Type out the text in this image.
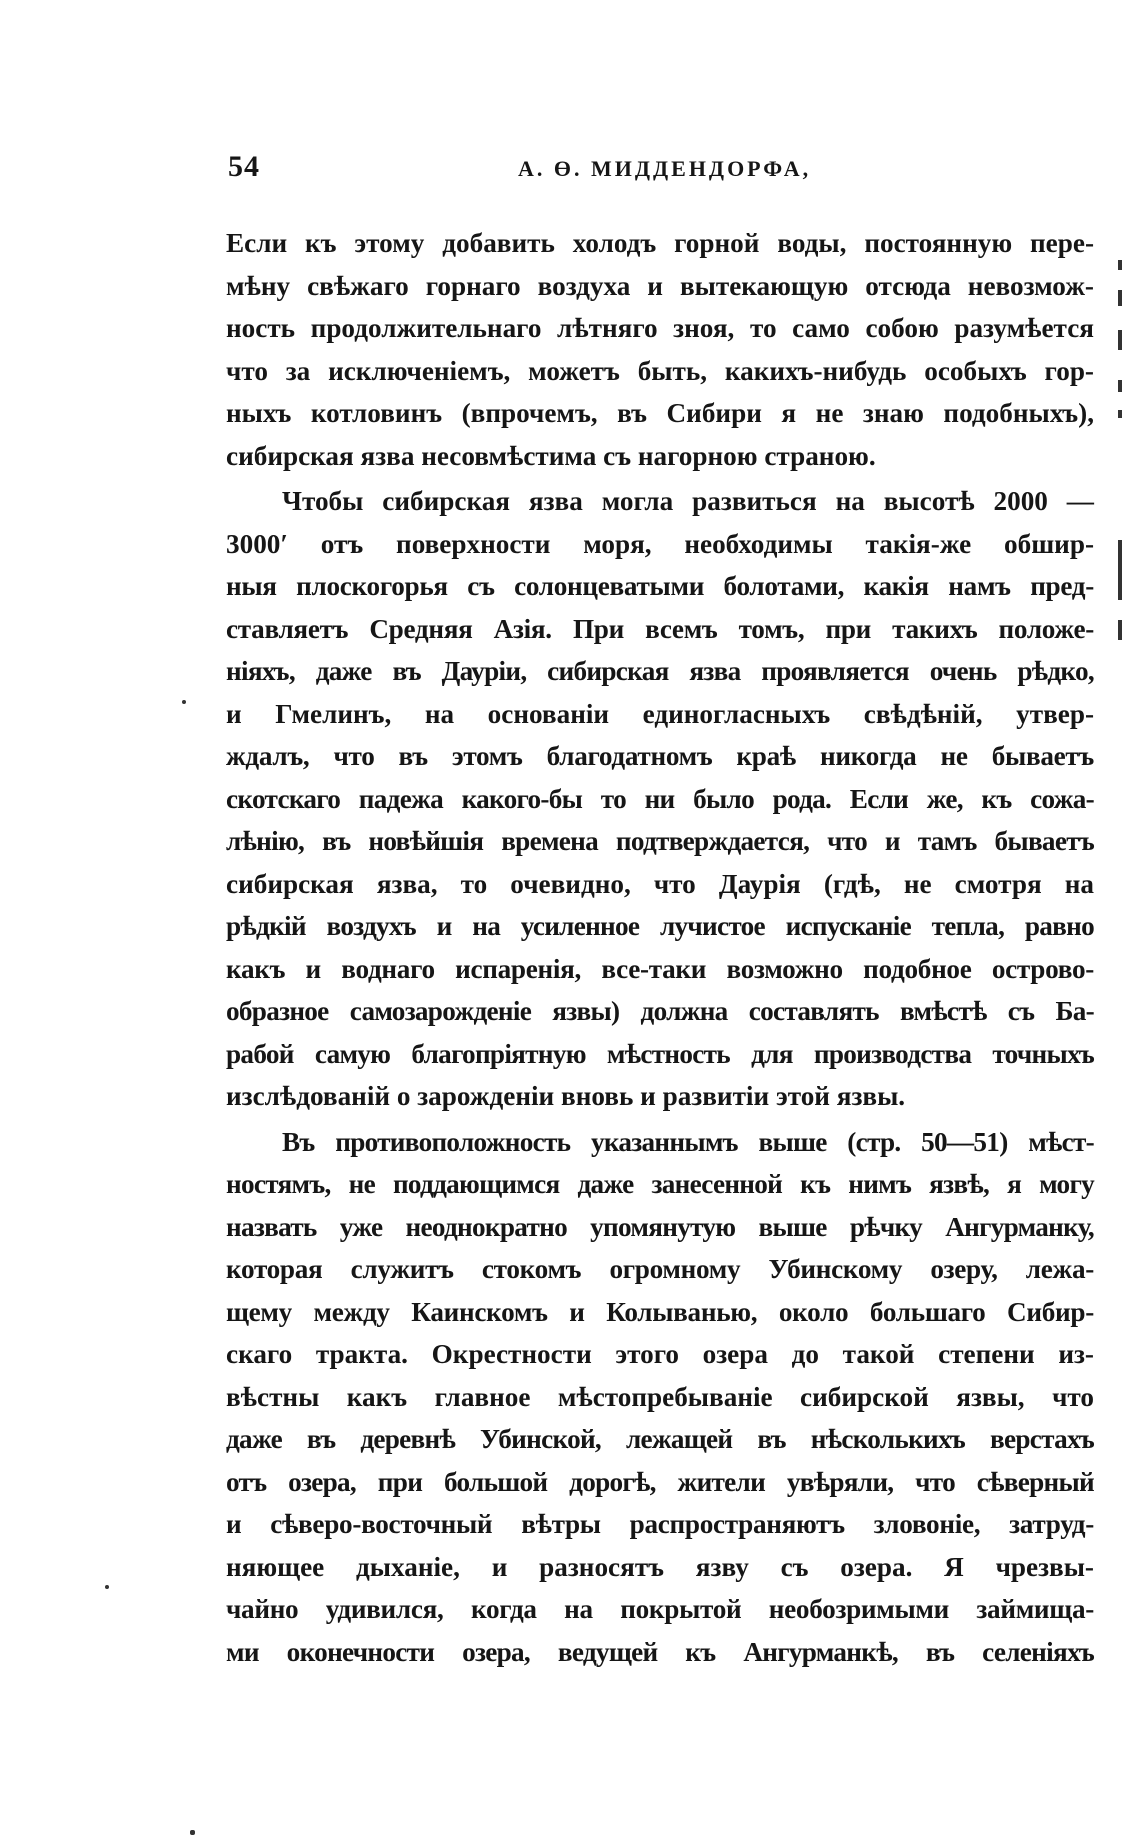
54	А. Ө. МИДДЕНДОРФА,
Если къ этому добавить холодъ горной воды, постоянную пере-
мѣну свѣжаго горнаго воздуха и вытекающую отсюда невозмож-
ность продолжительнаго лѣтняго зноя, то само собою разумѣется
что за исключеніемъ, можетъ быть, какихъ-нибудь особыхъ гор-
ныхъ котловинъ (впрочемъ, въ Сибири я не знаю подобныхъ),
сибирская язва несовмѣстима съ нагорною страною.
Чтобы сибирская язва могла развиться на высотѣ 2000 —
3000′ отъ поверхности моря, необходимы такія-же обшир-
ныя плоскогорья съ солонцеватыми болотами, какія намъ пред-
ставляетъ Средняя Азія. При всемъ томъ, при такихъ положе-
ніяхъ, даже въ Дауріи, сибирская язва проявляется очень рѣдко,
и Гмелинъ, на основаніи единогласныхъ свѣдѣній, утвер-
ждалъ, что въ этомъ благодатномъ краѣ никогда не бываетъ
скотскаго падежа какого-бы то ни было рода. Если же, къ сожа-
лѣнію, въ новѣйшія времена подтверждается, что и тамъ бываетъ
сибирская язва, то очевидно, что Даурія (гдѣ, не смотря на
рѣдкій воздухъ и на усиленное лучистое испусканіе тепла, равно
какъ и воднаго испаренія, все-таки возможно подобное острово-
образное самозарожденіе язвы) должна составлять вмѣстѣ съ Ба-
рабой самую благопріятную мѣстность для производства точныхъ
изслѣдованій о зарожденіи вновь и развитіи этой язвы.
Въ противоположность указаннымъ выше (стр. 50—51) мѣст-
ностямъ, не поддающимся даже занесенной къ нимъ язвѣ, я могу
назвать уже неоднократно упомянутую выше рѣчку Ангурманку,
которая служитъ стокомъ огромному Убинскому озеру, лежа-
щему между Каинскомъ и Колыванью, около большаго Сибир-
скаго тракта. Окрестности этого озера до такой степени из-
вѣстны какъ главное мѣстопребываніе сибирской язвы, что
даже въ деревнѣ Убинской, лежащей въ нѣсколькихъ верстахъ
отъ озера, при большой дорогѣ, жители увѣряли, что сѣверный
и сѣверо-восточный вѣтры распространяютъ зловоніе, затруд-
няющее дыханіе, и разносятъ язву съ озера. Я чрезвы-
чайно удивился, когда на покрытой необозримыми займища-
ми оконечности озера, ведущей къ Ангурманкѣ, въ селеніяхъ
